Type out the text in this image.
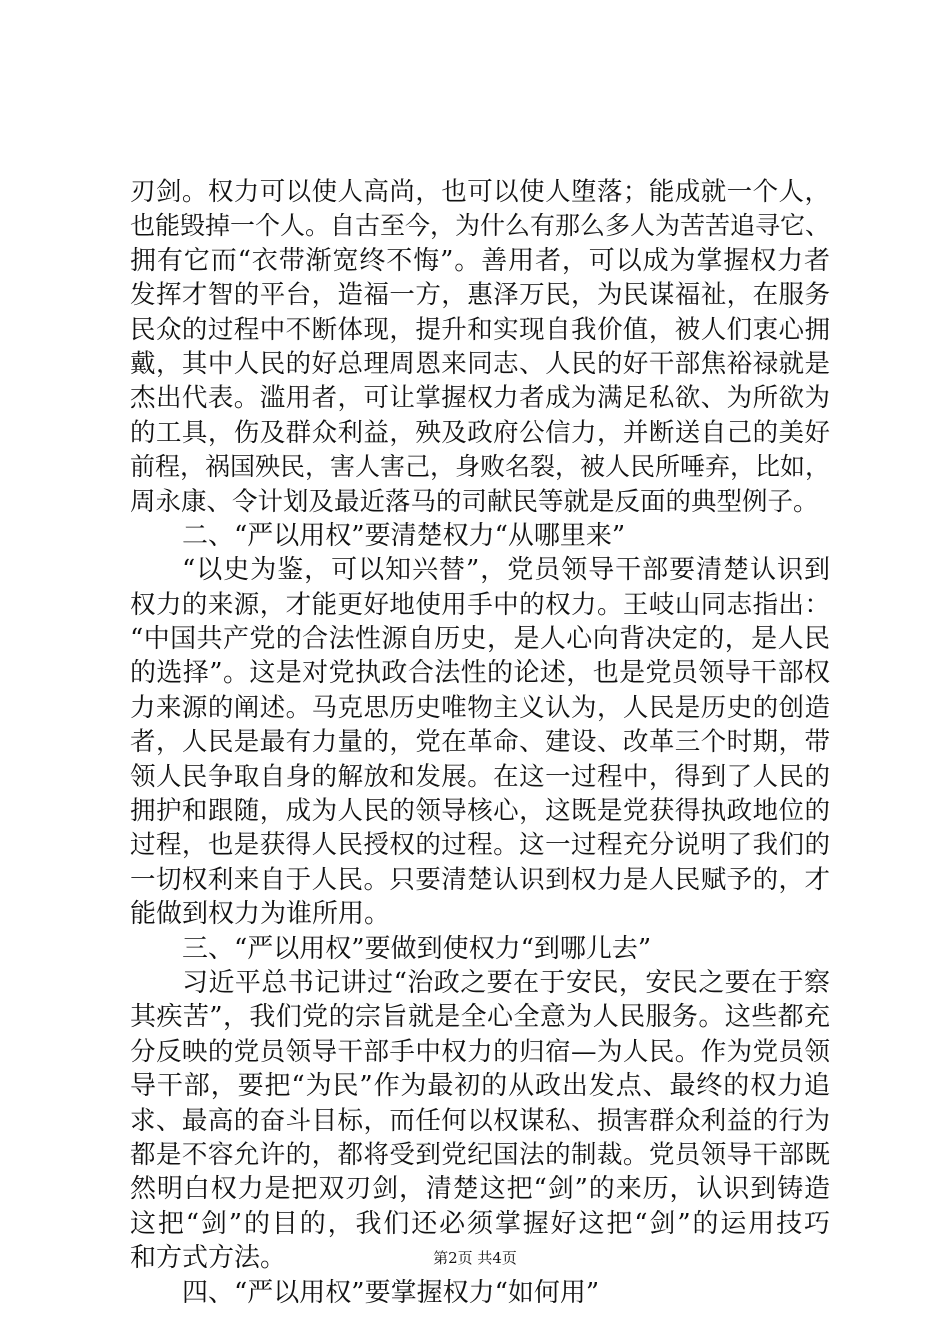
刃剑。权力可以使人高尚，也可以使人堕落；能成就一个人，
也能毁掉一个人。自古至今，为什么有那么多人为苦苦追寻它、
拥有它而“衣带渐宽终不悔”。善用者，可以成为掌握权力者
发挥才智的平台，造福一方，惠泽万民，为民谋福祉，在服务
民众的过程中不断体现，提升和实现自我价值，被人们衷心拥
戴，其中人民的好总理周恩来同志、人民的好干部焦裕禄就是
杰出代表。滥用者，可让掌握权力者成为满足私欲、为所欲为
的工具，伤及群众利益，殃及政府公信力，并断送自己的美好
前程，祸国殃民，害人害己，身败名裂，被人民所唾弃，比如，
周永康、令计划及最近落马的司献民等就是反面的典型例子。
二、“严以用权”要清楚权力“从哪里来”
“以史为鉴，可以知兴替”，党员领导干部要清楚认识到
权力的来源，才能更好地使用手中的权力。王岐山同志指出：
“中国共产党的合法性源自历史，是人心向背决定的，是人民
的选择”。这是对党执政合法性的论述，也是党员领导干部权
力来源的阐述。马克思历史唯物主义认为，人民是历史的创造
者，人民是最有力量的，党在革命、建设、改革三个时期，带
领人民争取自身的解放和发展。在这一过程中，得到了人民的
拥护和跟随，成为人民的领导核心，这既是党获得执政地位的
过程，也是获得人民授权的过程。这一过程充分说明了我们的
一切权利来自于人民。只要清楚认识到权力是人民赋予的，才
能做到权力为谁所用。
三、“严以用权”要做到使权力“到哪儿去”
习近平总书记讲过“治政之要在于安民，安民之要在于察
其疾苦”，我们党的宗旨就是全心全意为人民服务。这些都充
分反映的党员领导干部手中权力的归宿—为人民。作为党员领
导干部，要把“为民”作为最初的从政出发点、最终的权力追
求、最高的奋斗目标，而任何以权谋私、损害群众利益的行为
都是不容允许的，都将受到党纪国法的制裁。党员领导干部既
然明白权力是把双刃剑，清楚这把“剑”的来历，认识到铸造
这把“剑”的目的，我们还必须掌握好这把“剑”的运用技巧
和方式方法。
四、“严以用权”要掌握权力“如何用”
第2页 共4页
